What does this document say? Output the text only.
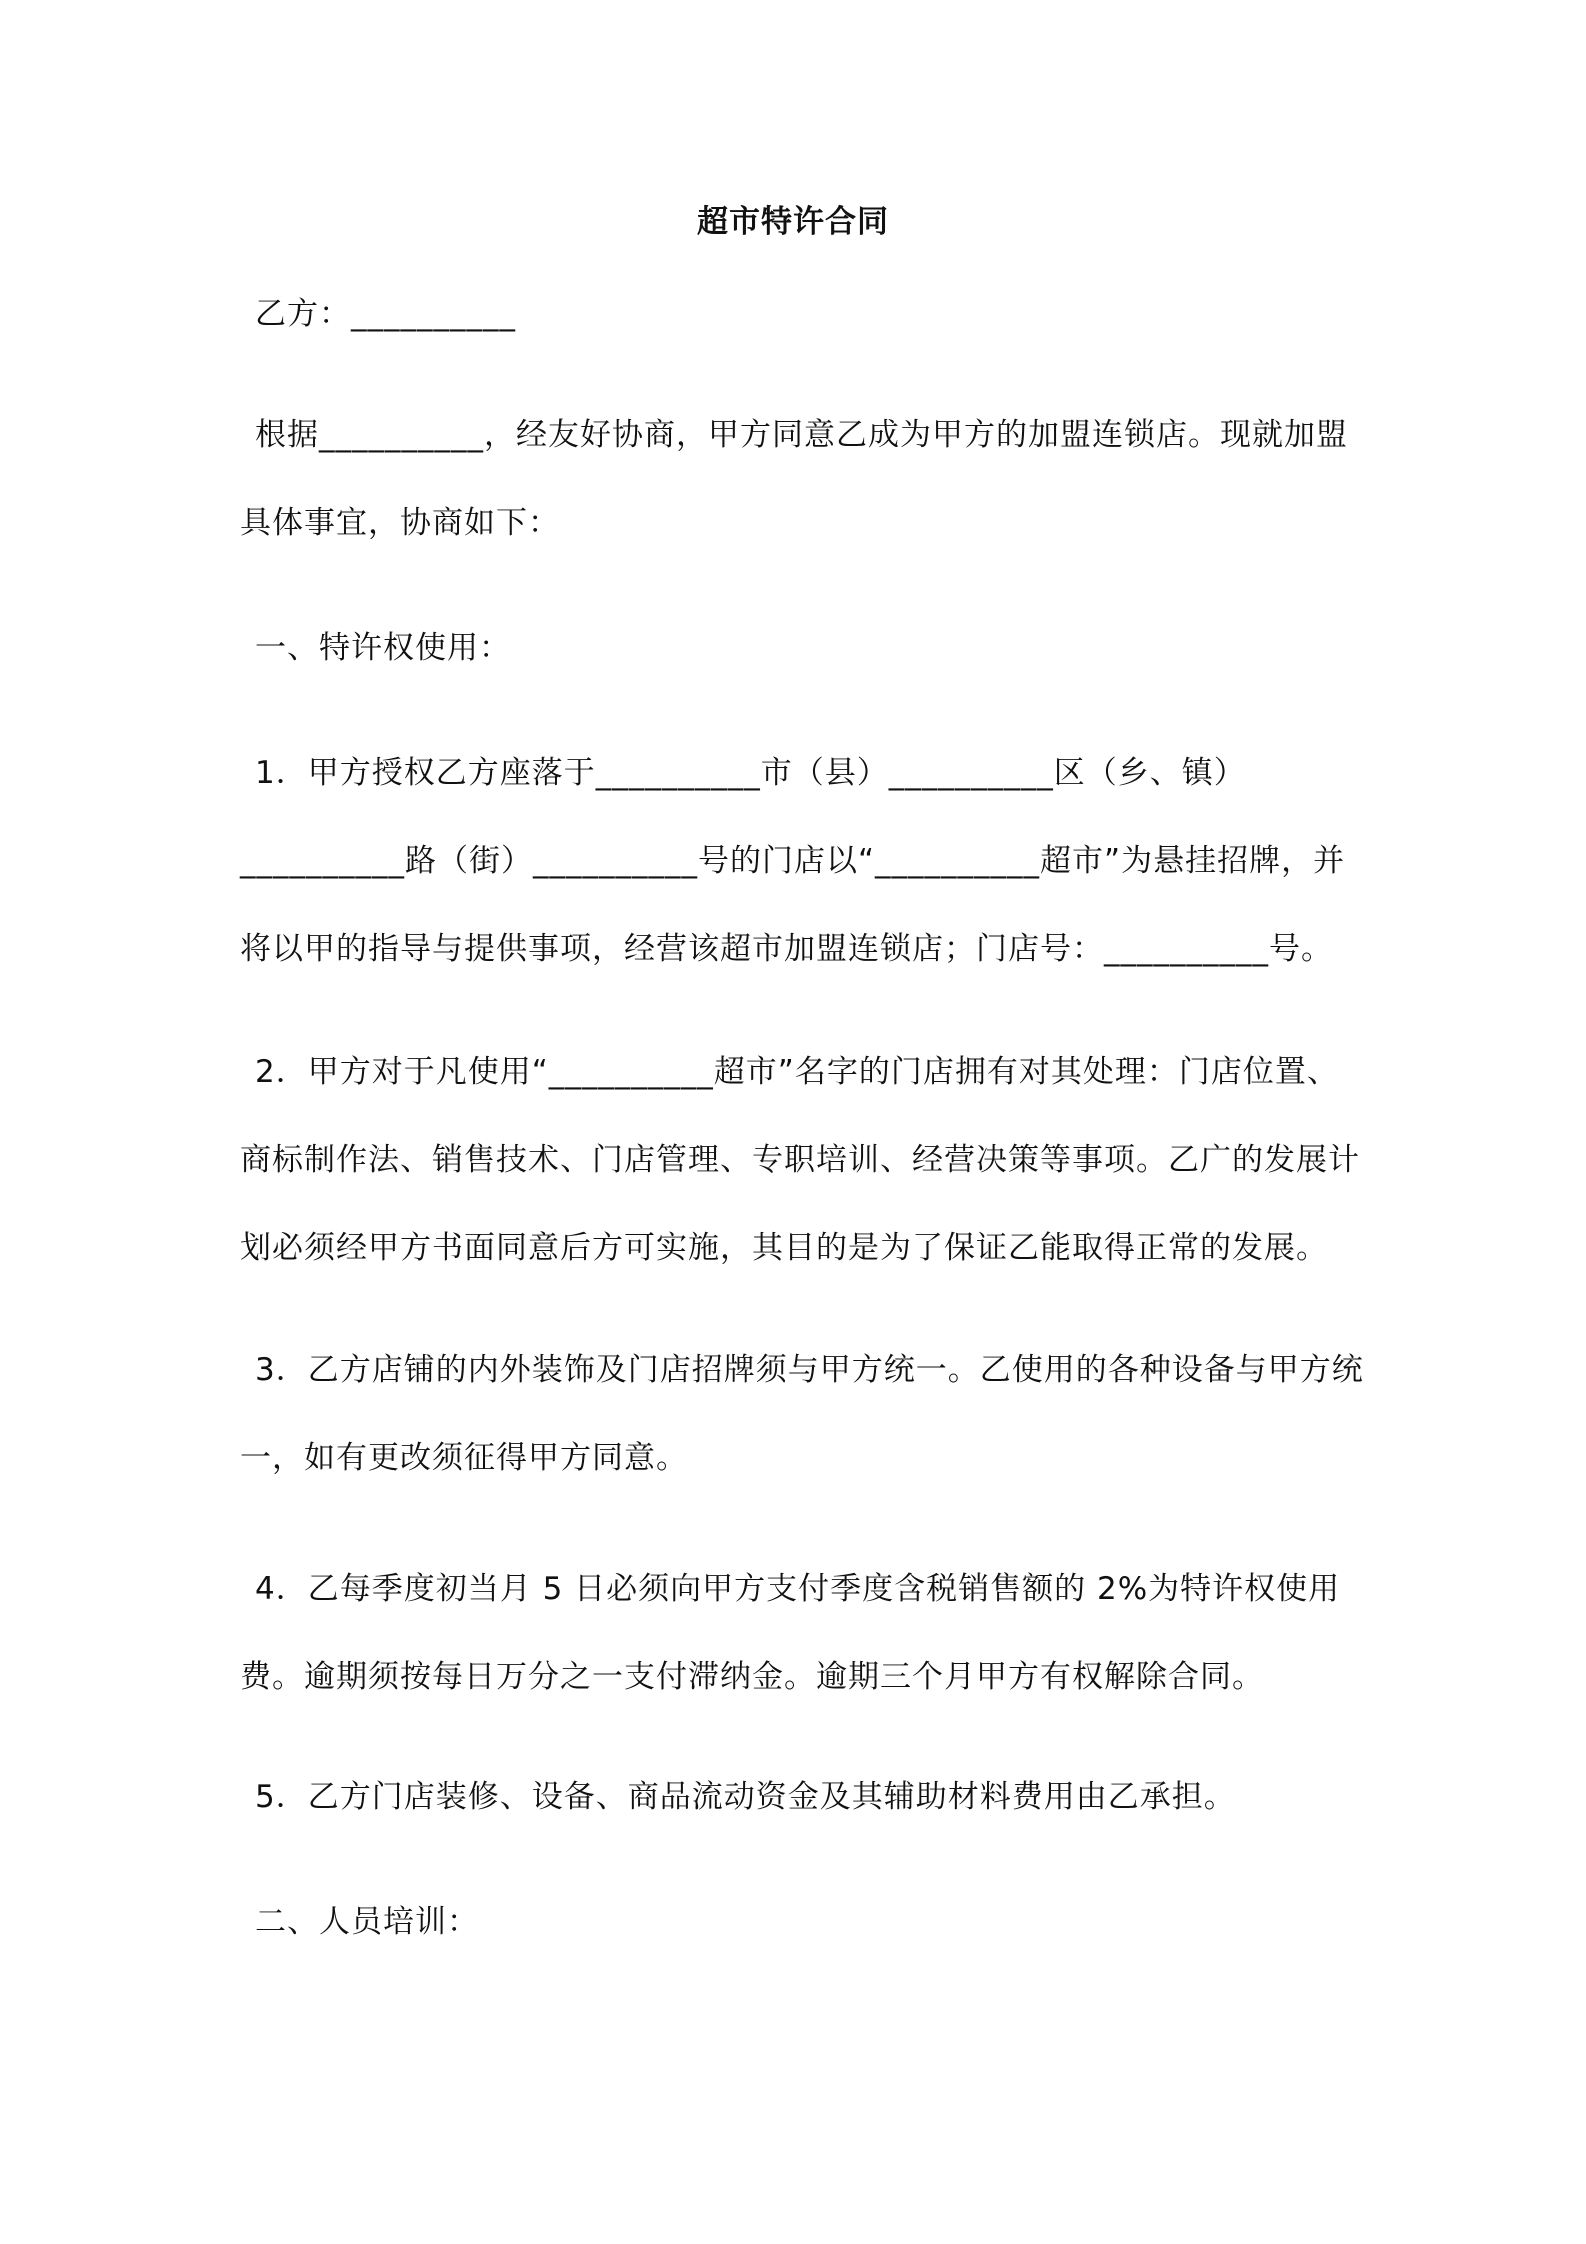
超市特许合同

乙方：__________

根据__________，经友好协商，甲方同意乙成为甲方的加盟连锁店。现就加盟具体事宜，协商如下：

一、特许权使用：

1．甲方授权乙方座落于__________市（县）__________区（乡、镇）__________路（街）__________号的门店以“__________超市”为悬挂招牌，并将以甲的指导与提供事项，经营该超市加盟连锁店；门店号：__________号。

2．甲方对于凡使用“__________超市”名字的门店拥有对其处理：门店位置、商标制作法、销售技术、门店管理、专职培训、经营决策等事项。乙广的发展计划必须经甲方书面同意后方可实施，其目的是为了保证乙能取得正常的发展。

3．乙方店铺的内外装饰及门店招牌须与甲方统一。乙使用的各种设备与甲方统一，如有更改须征得甲方同意。

4．乙每季度初当月 5 日必须向甲方支付季度含税销售额的 2%为特许权使用费。逾期须按每日万分之一支付滞纳金。逾期三个月甲方有权解除合同。

5．乙方门店装修、设备、商品流动资金及其辅助材料费用由乙承担。

二、人员培训：
